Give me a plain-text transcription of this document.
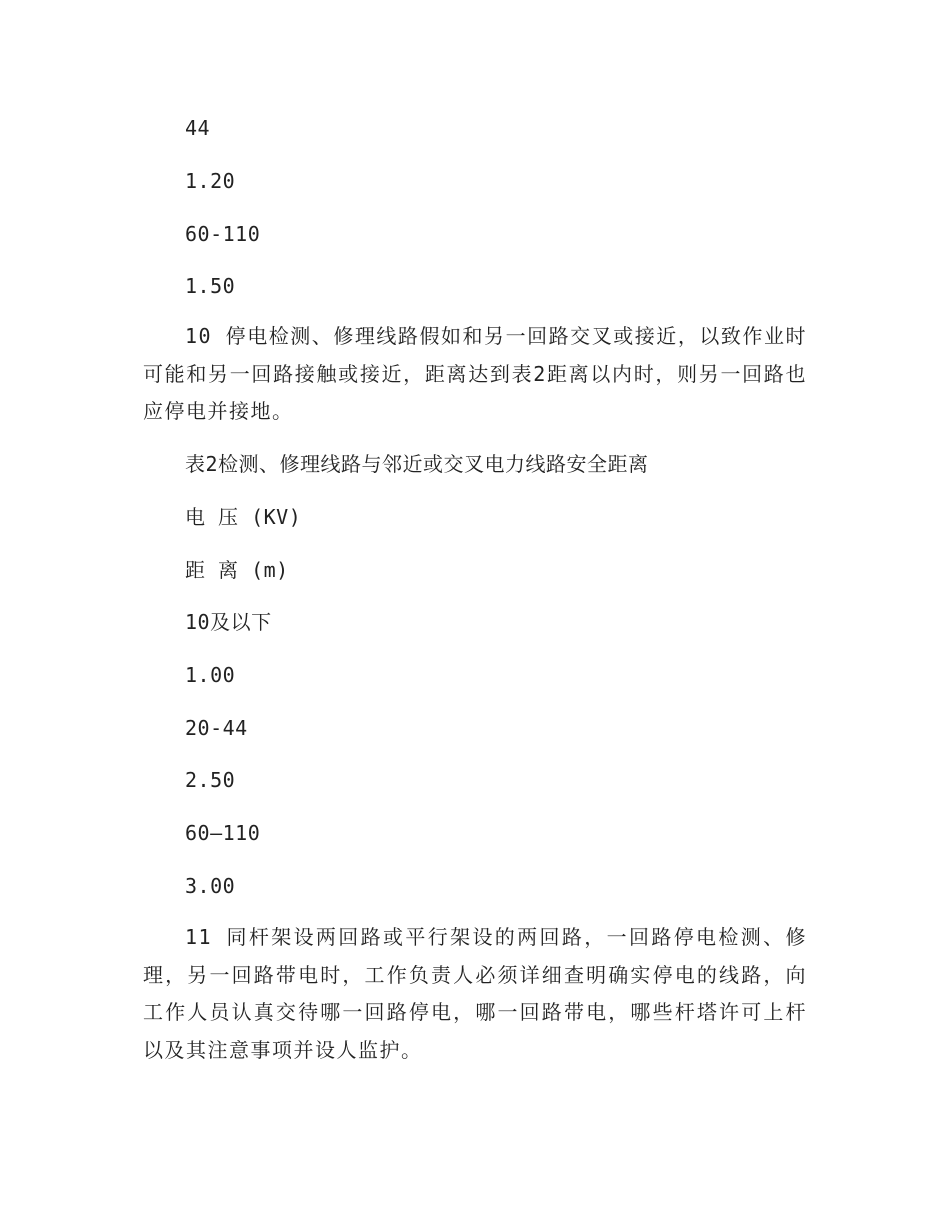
44
1.20
60-110
1.50
10 停电检测、修理线路假如和另一回路交叉或接近，以致作业时可能和另一回路接触或接近，距离达到表2距离以内时，则另一回路也应停电并接地。
表2检测、修理线路与邻近或交叉电力线路安全距离
电 压 (KV)
距 离 (m)
10及以下
1.00
20-44
2.50
60—110
3.00
11 同杆架设两回路或平行架设的两回路，一回路停电检测、修理，另一回路带电时，工作负责人必须详细查明确实停电的线路，向工作人员认真交待哪一回路停电，哪一回路带电，哪些杆塔许可上杆以及其注意事项并设人监护。
